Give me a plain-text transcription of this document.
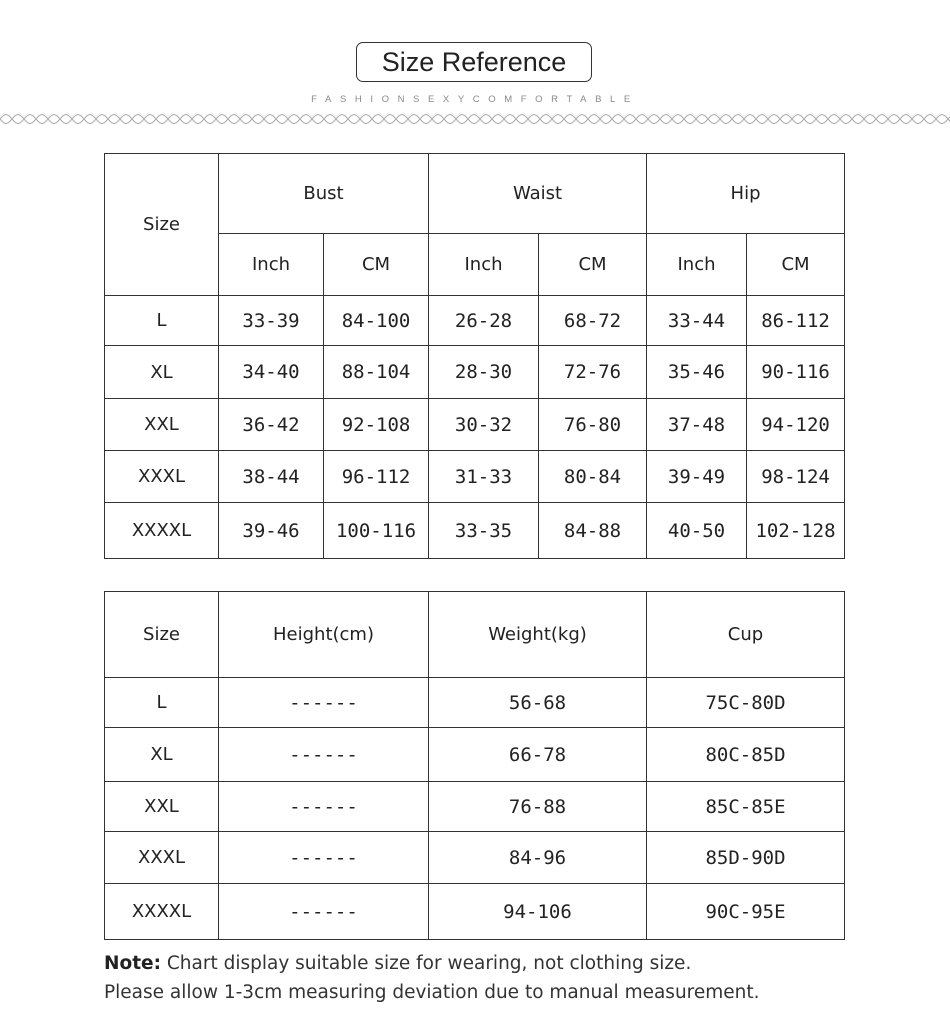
Size Reference
FASHIONSEXYCOMFORTABLE
Size	Bust		Waist		Hip	
	Inch	CM	Inch	CM	Inch	CM
L	33-39	84-100	26-28	68-72	33-44	86-112
XL	34-40	88-104	28-30	72-76	35-46	90-116
XXL	36-42	92-108	30-32	76-80	37-48	94-120
XXXL	38-44	96-112	31-33	80-84	39-49	98-124
XXXXL	39-46	100-116	33-35	84-88	40-50	102-128
Size	Height(cm)	Weight(kg)	Cup
L	------	56-68	75C-80D
XL	------	66-78	80C-85D
XXL	------	76-88	85C-85E
XXXL	------	84-96	85D-90D
XXXXL	------	94-106	90C-95E
Note: Chart display suitable size for wearing, not clothing size.
Please allow 1-3cm measuring deviation due to manual measurement.
